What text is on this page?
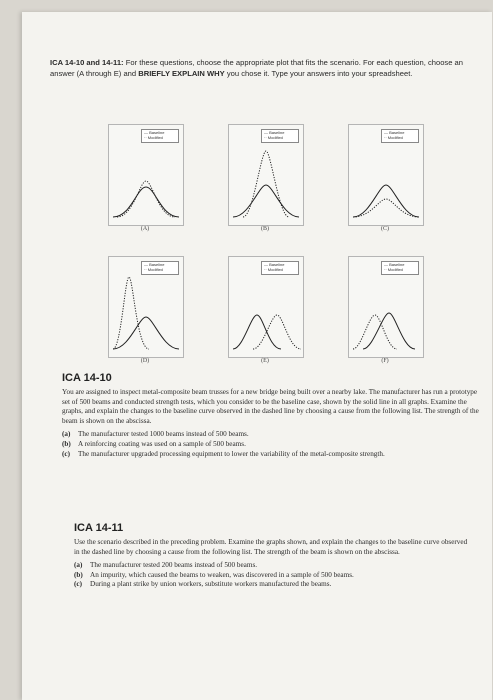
ICA 14-10 and 14-11: For these questions, choose the appropriate plot that fits the scenario. For each question, choose an answer (A through E) and BRIEFLY EXPLAIN WHY you chose it. Type your answers into your spreadsheet.
— Baseline
·· Modified
(A)
— Baseline
·· Modified
(B)
— Baseline
·· Modified
(C)
— Baseline
·· Modified
(D)
— Baseline
·· Modified
(E)
— Baseline
·· Modified
(F)
ICA 14-10

You are assigned to inspect metal-composite beam trusses for a new bridge being built over a nearby lake. The manufacturer has run a prototype set of 500 beams and conducted strength tests, which you consider to be the baseline case, shown by the solid line in all graphs. Examine the graphs, and explain the changes to the baseline curve observed in the dashed line by choosing a cause from the following list. The strength of the beam is shown on the abscissa.

(a)	The manufacturer tested 1000 beams instead of 500 beams.
(b)	A reinforcing coating was used on a sample of 500 beams.
(c)	The manufacturer upgraded processing equipment to lower the variability of the metal-composite strength.
ICA 14-11

Use the scenario described in the preceding problem. Examine the graphs shown, and explain the changes to the baseline curve observed in the dashed line by choosing a cause from the following list. The strength of the beam is shown on the abscissa.

(a)	The manufacturer tested 200 beams instead of 500 beams.
(b)	An impurity, which caused the beams to weaken, was discovered in a sample of 500 beams.
(c)	During a plant strike by union workers, substitute workers manufactured the beams.
